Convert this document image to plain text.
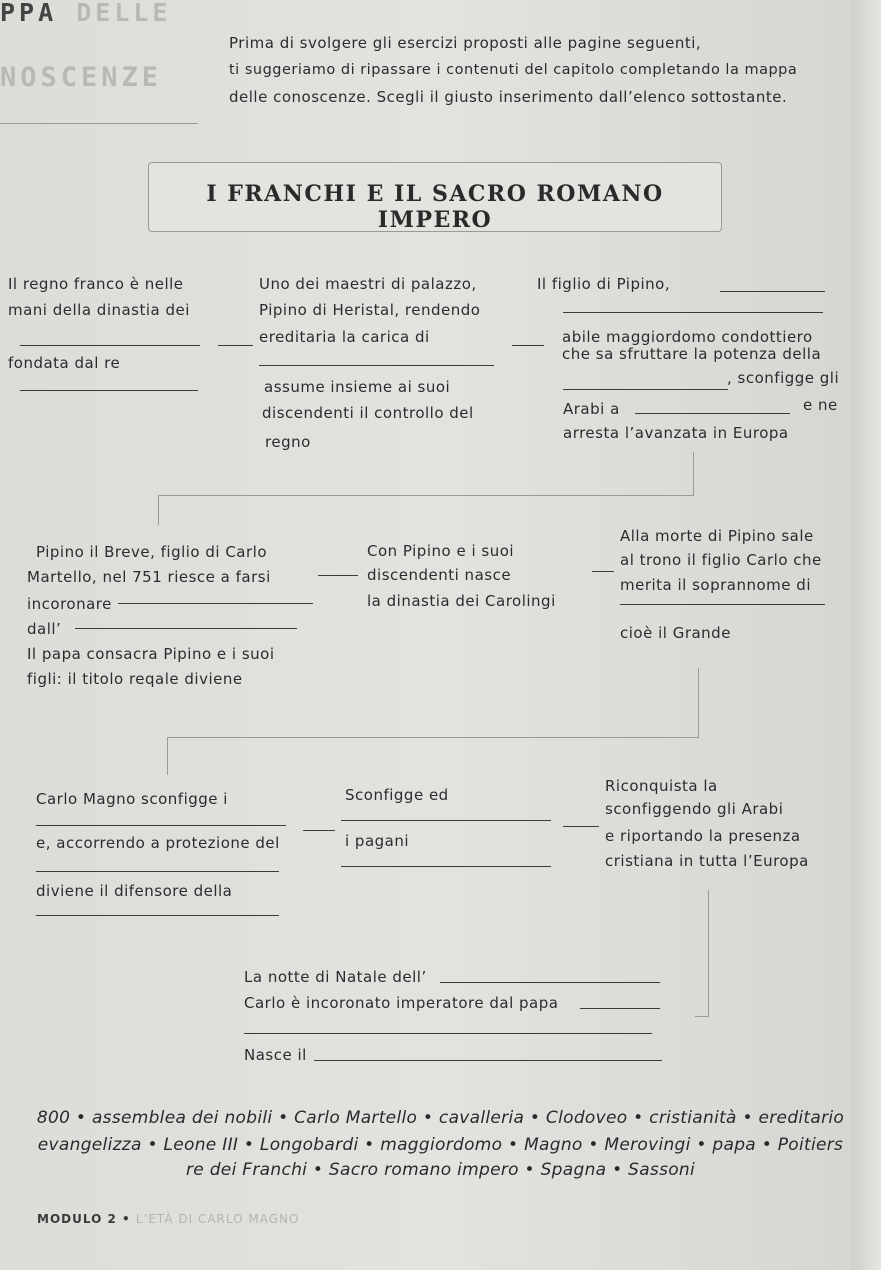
PPA DELLE
NOSCENZE
Prima di svolgere gli esercizi proposti alle pagine seguenti,
ti suggeriamo di ripassare i contenuti del capitolo completando la mappa
delle conoscenze. Scegli il giusto inserimento dall’elenco sottostante.
I FRANCHI E IL SACRO ROMANO IMPERO
Il regno franco è nelle
mani della dinastia dei
fondata dal re
Uno dei maestri di palazzo,
Pipino di Heristal, rendendo
ereditaria la carica di
assume insieme ai suoi
discendenti il controllo del
regno
Il figlio di Pipino,
abile maggiordomo condottiero
che sa sfruttare la potenza della
, sconfigge gli
Arabi a	e ne
arresta l’avanzata in Europa
Pipino il Breve, figlio di Carlo
Martello, nel 751 riesce a farsi
incoronare
dall’
Il papa consacra Pipino e i suoi
figli: il titolo reqale diviene
Con Pipino e i suoi
discendenti nasce
la dinastia dei Carolingi
Alla morte di Pipino sale
al trono il figlio Carlo che
merita il soprannome di
cioè il Grande
Carlo Magno sconfigge i
e, accorrendo a protezione del
diviene il difensore della
Sconfigge ed
i pagani
Riconquista la
sconfiggendo gli Arabi
e riportando la presenza
cristiana in tutta l’Europa
La notte di Natale dell’
Carlo è incoronato imperatore dal papa
Nasce il
800 • assemblea dei nobili • Carlo Martello • cavalleria • Clodoveo • cristianità • ereditario
evangelizza • Leone III • Longobardi • maggiordomo • Magno • Merovingi • papa • Poitiers
re dei Franchi • Sacro romano impero • Spagna • Sassoni
MODULO 2 • L’ETÀ DI CARLO MAGNO
